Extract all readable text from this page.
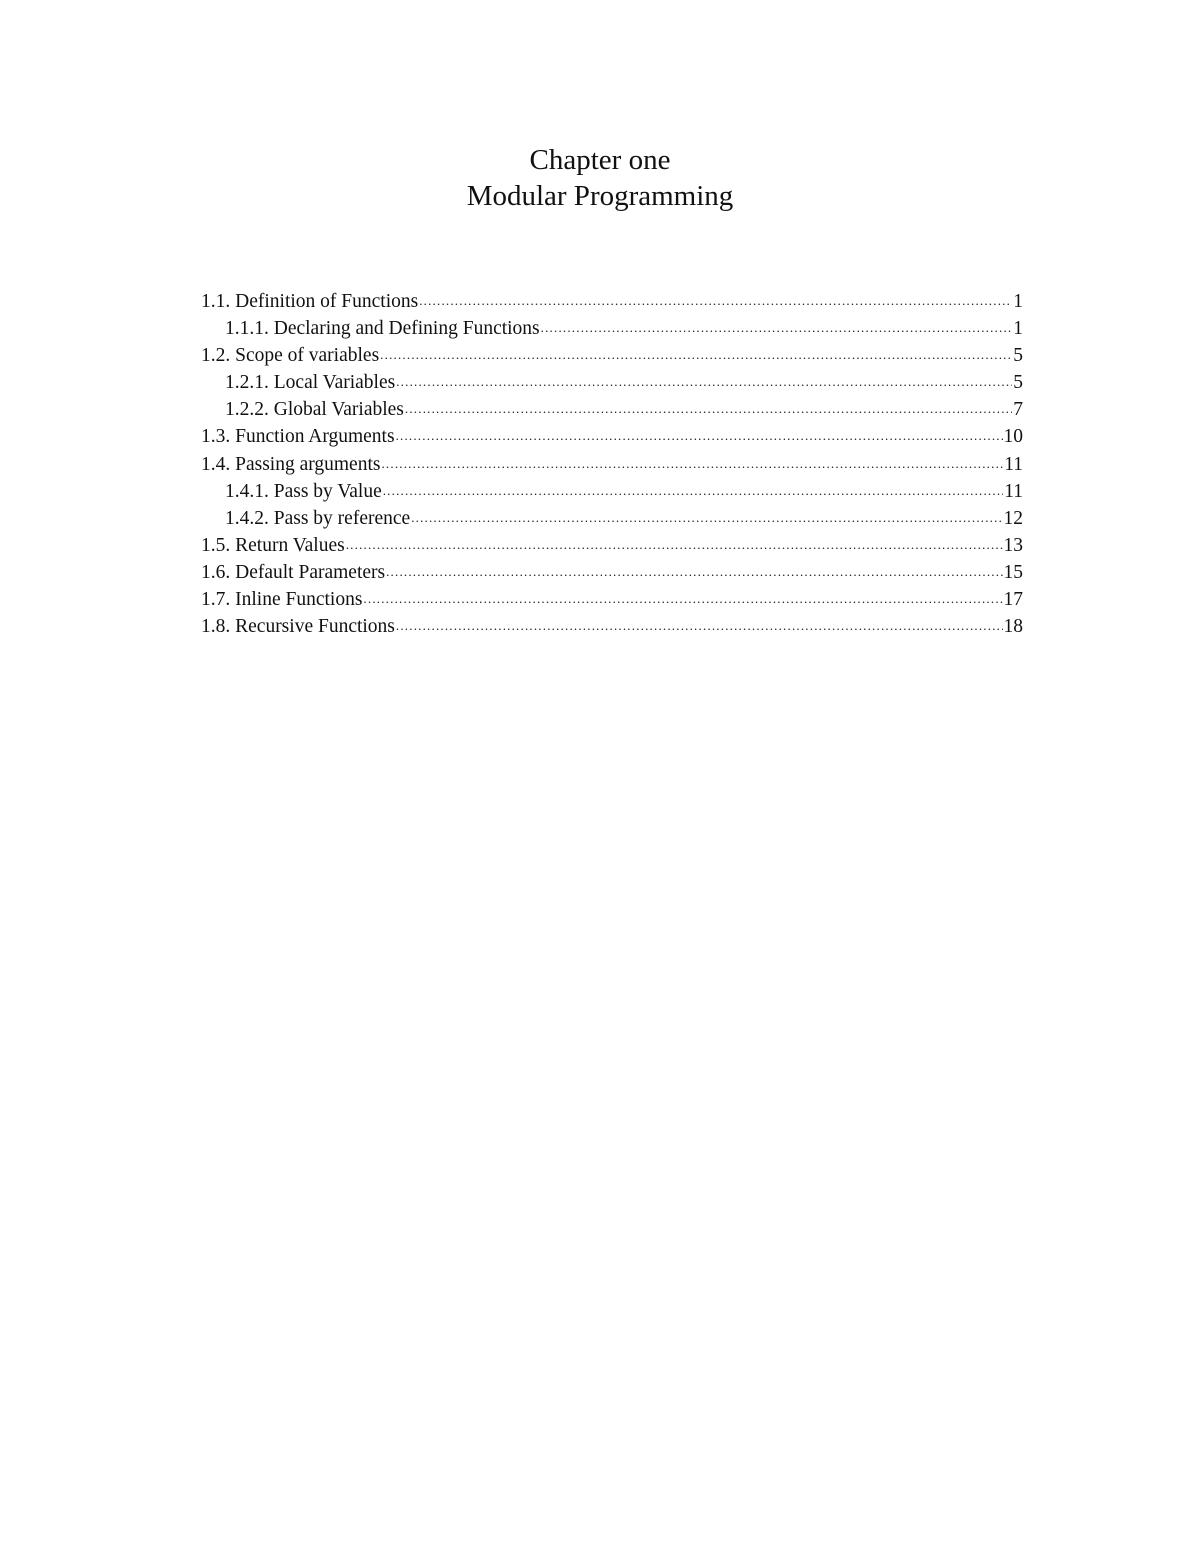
Chapter one

Modular Programming

1.1. Definition of Functions .....	1
1.1.1. Declaring and Defining Functions .....	1
1.2. Scope of variables .....	5
1.2.1. Local Variables .....	5
1.2.2. Global Variables .....	7
1.3. Function Arguments .....	10
1.4. Passing arguments .....	11
1.4.1. Pass by Value .....	11
1.4.2. Pass by reference .....	12
1.5. Return Values .....	13
1.6. Default Parameters .....	15
1.7. Inline Functions .....	17
1.8. Recursive Functions .....	18
